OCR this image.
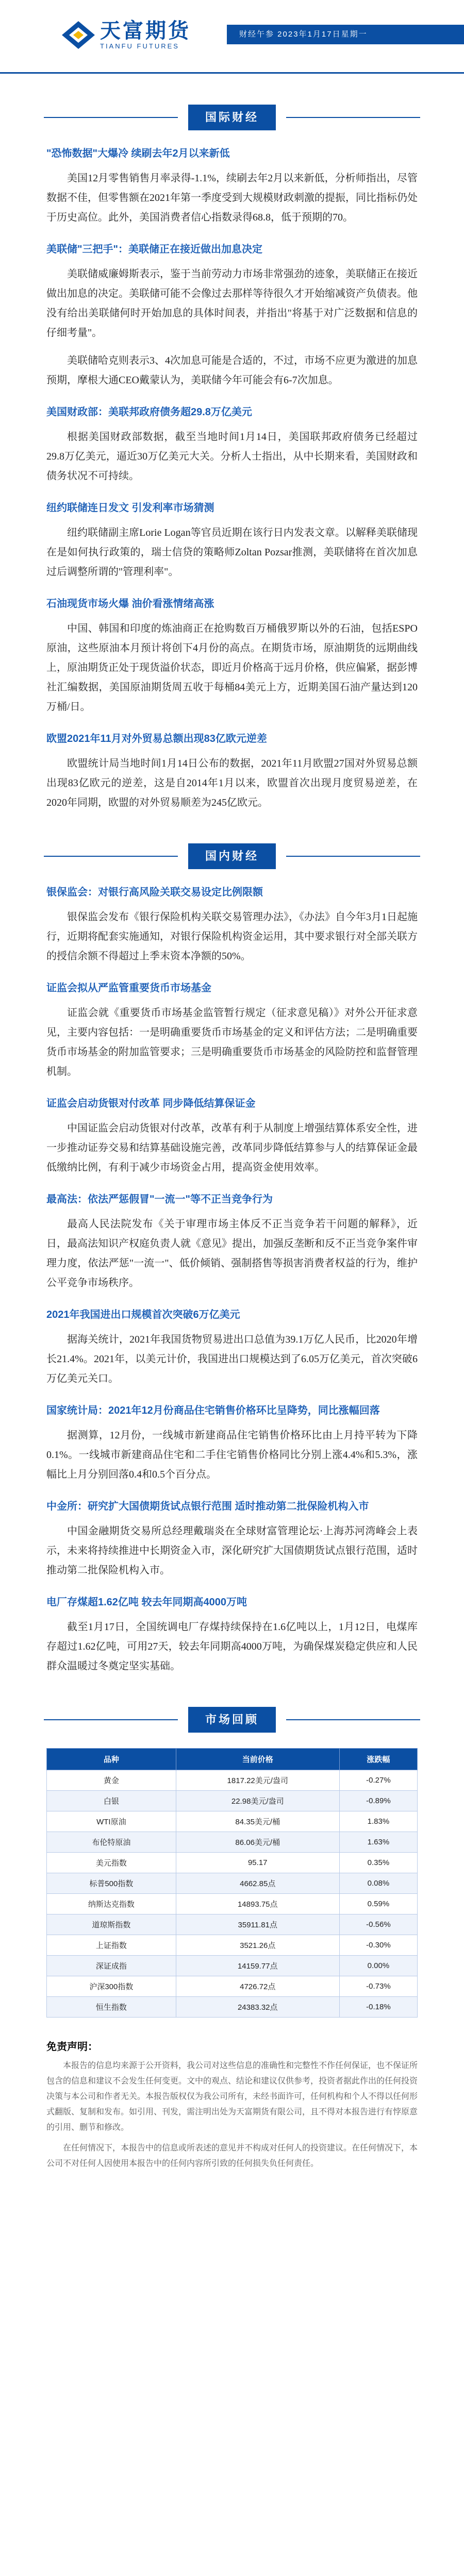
天富期货
TIANFU FUTURES
财经午参 2023年1月17日星期一
国际财经
"恐怖数据"大爆冷 续刷去年2月以来新低

美国12月零售销售月率录得-1.1%，续刷去年2月以来新低，分析师指出，尽管数据不佳，但零售额在2021年第一季度受到大规模财政刺激的提振，同比指标仍处于历史高位。此外，美国消费者信心指数录得68.8，低于预期的70。

美联储"三把手"：美联储正在接近做出加息决定

美联储威廉姆斯表示，鉴于当前劳动力市场非常强劲的迹象，美联储正在接近做出加息的决定。美联储可能不会像过去那样等待很久才开始缩减资产负债表。他没有给出美联储何时开始加息的具体时间表，并指出"将基于对广泛数据和信息的仔细考量"。

美联储哈克则表示3、4次加息可能是合适的，不过，市场不应更为激进的加息预期，摩根大通CEO戴蒙认为，美联储今年可能会有6-7次加息。

美国财政部：美联邦政府债务超29.8万亿美元

根据美国财政部数据，截至当地时间1月14日，美国联邦政府债务已经超过29.8万亿美元，逼近30万亿美元大关。分析人士指出，从中长期来看，美国财政和债务状况不可持续。

纽约联储连日发文 引发利率市场猜测

纽约联储副主席Lorie Logan等官员近期在该行日内发表文章。以解释美联储现在是如何执行政策的，瑞士信贷的策略师Zoltan Pozsar推测，美联储将在首次加息过后调整所谓的"管理利率"。

石油现货市场火爆 油价看涨情绪高涨

中国、韩国和印度的炼油商正在抢购数百万桶俄罗斯以外的石油，包括ESPO原油，这些原油本月预计将创下4月份的高点。在期货市场，原油期货的远期曲线上，原油期货正处于现货溢价状态，即近月价格高于远月价格，供应偏紧，据彭博社汇编数据，美国原油期货周五收于每桶84美元上方，近期美国石油产量达到120万桶/日。

欧盟2021年11月对外贸易总额出现83亿欧元逆差

欧盟统计局当地时间1月14日公布的数据，2021年11月欧盟27国对外贸易总额出现83亿欧元的逆差，这是自2014年1月以来，欧盟首次出现月度贸易逆差，在2020年同期，欧盟的对外贸易顺差为245亿欧元。

国内财经
银保监会：对银行高风险关联交易设定比例限额

银保监会发布《银行保险机构关联交易管理办法》，《办法》自今年3月1日起施行，近期将配套实施通知，对银行保险机构资金运用，其中要求银行对全部关联方的授信余额不得超过上季末资本净额的50%。

证监会拟从严监管重要货币市场基金

证监会就《重要货币市场基金监管暂行规定（征求意见稿）》对外公开征求意见，主要内容包括：一是明确重要货币市场基金的定义和评估方法；二是明确重要货币市场基金的附加监管要求；三是明确重要货币市场基金的风险防控和监督管理机制。

证监会启动货银对付改革 同步降低结算保证金

中国证监会启动货银对付改革，改革有利于从制度上增强结算体系安全性，进一步推动证券交易和结算基础设施完善，改革同步降低结算参与人的结算保证金最低缴纳比例，有利于减少市场资金占用，提高资金使用效率。

最高法：依法严惩假冒"一流一"等不正当竞争行为

最高人民法院发布《关于审理市场主体反不正当竞争若干问题的解释》，近日，最高法知识产权庭负责人就《意见》提出，加强反垄断和反不正当竞争案件审理力度，依法严惩"一流一"、低价倾销、强制搭售等损害消费者权益的行为，维护公平竞争市场秩序。

2021年我国进出口规模首次突破6万亿美元

据海关统计，2021年我国货物贸易进出口总值为39.1万亿人民币，比2020年增长21.4%。2021年，以美元计价，我国进出口规模达到了6.05万亿美元，首次突破6万亿美元关口。

国家统计局：2021年12月份商品住宅销售价格环比呈降势，同比涨幅回落

据测算，12月份，一线城市新建商品住宅销售价格环比由上月持平转为下降0.1%。一线城市新建商品住宅和二手住宅销售价格同比分别上涨4.4%和5.3%，涨幅比上月分别回落0.4和0.5个百分点。

中金所：研究扩大国债期货试点银行范围 适时推动第二批保险机构入市

中国金融期货交易所总经理戴瑞炎在全球财富管理论坛·上海苏河湾峰会上表示，未来将持续推进中长期资金入市，深化研究扩大国债期货试点银行范围，适时推动第二批保险机构入市。

电厂存煤超1.62亿吨 较去年同期高4000万吨

截至1月17日，全国统调电厂存煤持续保持在1.6亿吨以上，1月12日，电煤库存超过1.62亿吨，可用27天，较去年同期高4000万吨，为确保煤炭稳定供应和人民群众温暖过冬奠定坚实基础。

市场回顾
品种	当前价格	涨跌幅
黄金	1817.22美元/盎司	-0.27%
白银	22.98美元/盎司	-0.89%
WTI原油	84.35美元/桶	1.83%
布伦特原油	86.06美元/桶	1.63%
美元指数	95.17	0.35%
标普500指数	4662.85点	0.08%
纳斯达克指数	14893.75点	0.59%
道琼斯指数	35911.81点	-0.56%
上证指数	3521.26点	-0.30%
深证成指	14159.77点	0.00%
沪深300指数	4726.72点	-0.73%
恒生指数	24383.32点	-0.18%
免责声明：

本报告的信息均来源于公开资料，我公司对这些信息的准确性和完整性不作任何保证，也不保证所包含的信息和建议不会发生任何变更。文中的观点、结论和建议仅供参考，投资者据此作出的任何投资决策与本公司和作者无关。本报告版权仅为我公司所有，未经书面许可，任何机构和个人不得以任何形式翻版、复制和发布。如引用、刊发，需注明出处为天富期货有限公司，且不得对本报告进行有悖原意的引用、删节和修改。

在任何情况下，本报告中的信息或所表述的意见并不构成对任何人的投资建议。在任何情况下，本公司不对任何人因使用本报告中的任何内容所引致的任何损失负任何责任。
